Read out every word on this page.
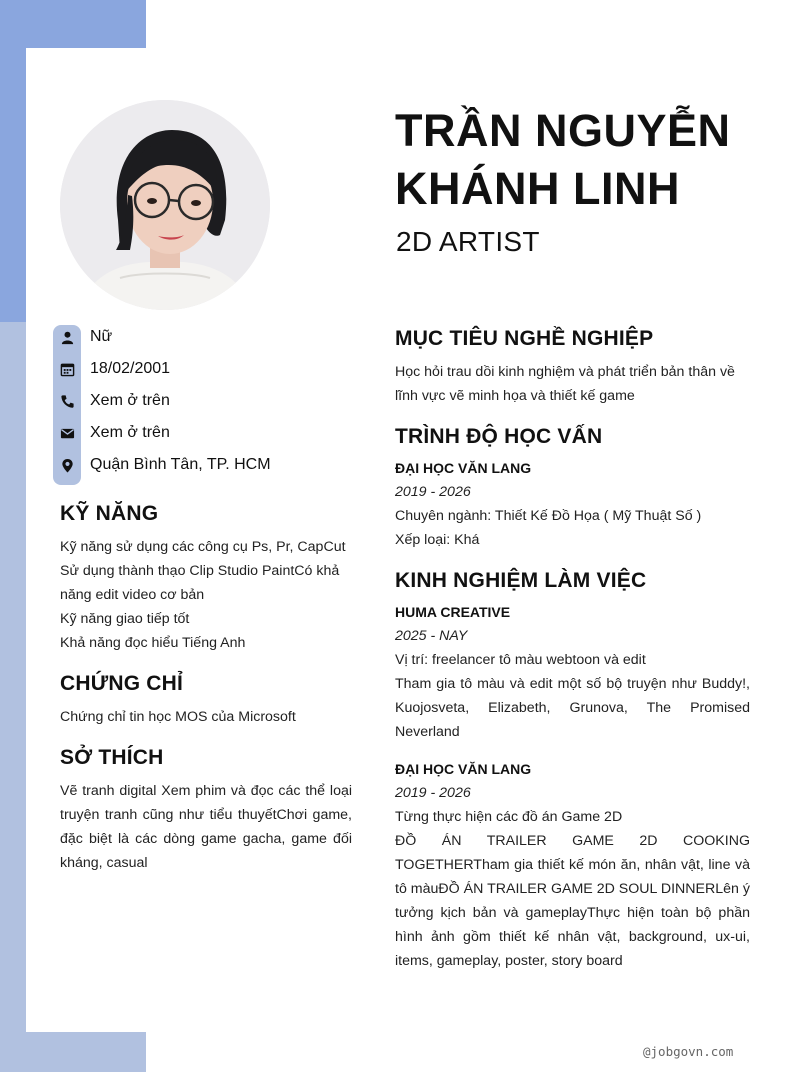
Nữ
18/02/2001
Xem ở trên
Xem ở trên
Quận Bình Tân, TP. HCM
KỸ NĂNG
Kỹ năng sử dụng các công cụ Ps, Pr, CapCut
Sử dụng thành thạo Clip Studio PaintCó khả năng edit video cơ bản
Kỹ năng giao tiếp tốt
Khả năng đọc hiểu Tiếng Anh
CHỨNG CHỈ
Chứng chỉ tin học MOS của Microsoft
SỞ THÍCH
Vẽ tranh digital Xem phim và đọc các thể loại truyện tranh cũng như tiểu thuyếtChơi game, đặc biệt là các dòng game gacha, game đối kháng, casual
TRẦN NGUYỄN
KHÁNH LINH
2D ARTIST
MỤC TIÊU NGHỀ NGHIỆP
Học hỏi trau dồi kinh nghiệm và phát triển bản thân về lĩnh vực vẽ minh họa và thiết kế game
TRÌNH ĐỘ HỌC VẤN
ĐẠI HỌC VĂN LANG
2019 - 2026
Chuyên ngành: Thiết Kế Đồ Họa ( Mỹ Thuật Số )
Xếp loại: Khá
KINH NGHIỆM LÀM VIỆC
HUMA CREATIVE
2025 - NAY
Vị trí: freelancer tô màu webtoon và edit
Tham gia tô màu và edit một số bộ truyện như Buddy!, Kuojosveta, Elizabeth, Grunova, The Promised Neverland
ĐẠI HỌC VĂN LANG
2019 - 2026
Từng thực hiện các đồ án Game 2D
ĐỒ ÁN TRAILER GAME 2D COOKING TOGETHERTham gia thiết kế món ăn, nhân vật, line và tô màuĐỒ ÁN TRAILER GAME 2D SOUL DINNERLên ý tưởng kịch bản và gameplayThực hiện toàn bộ phần hình ảnh gồm thiết kế nhân vật, background, ux-ui, items, gameplay, poster, story board
@jobgovn.com
